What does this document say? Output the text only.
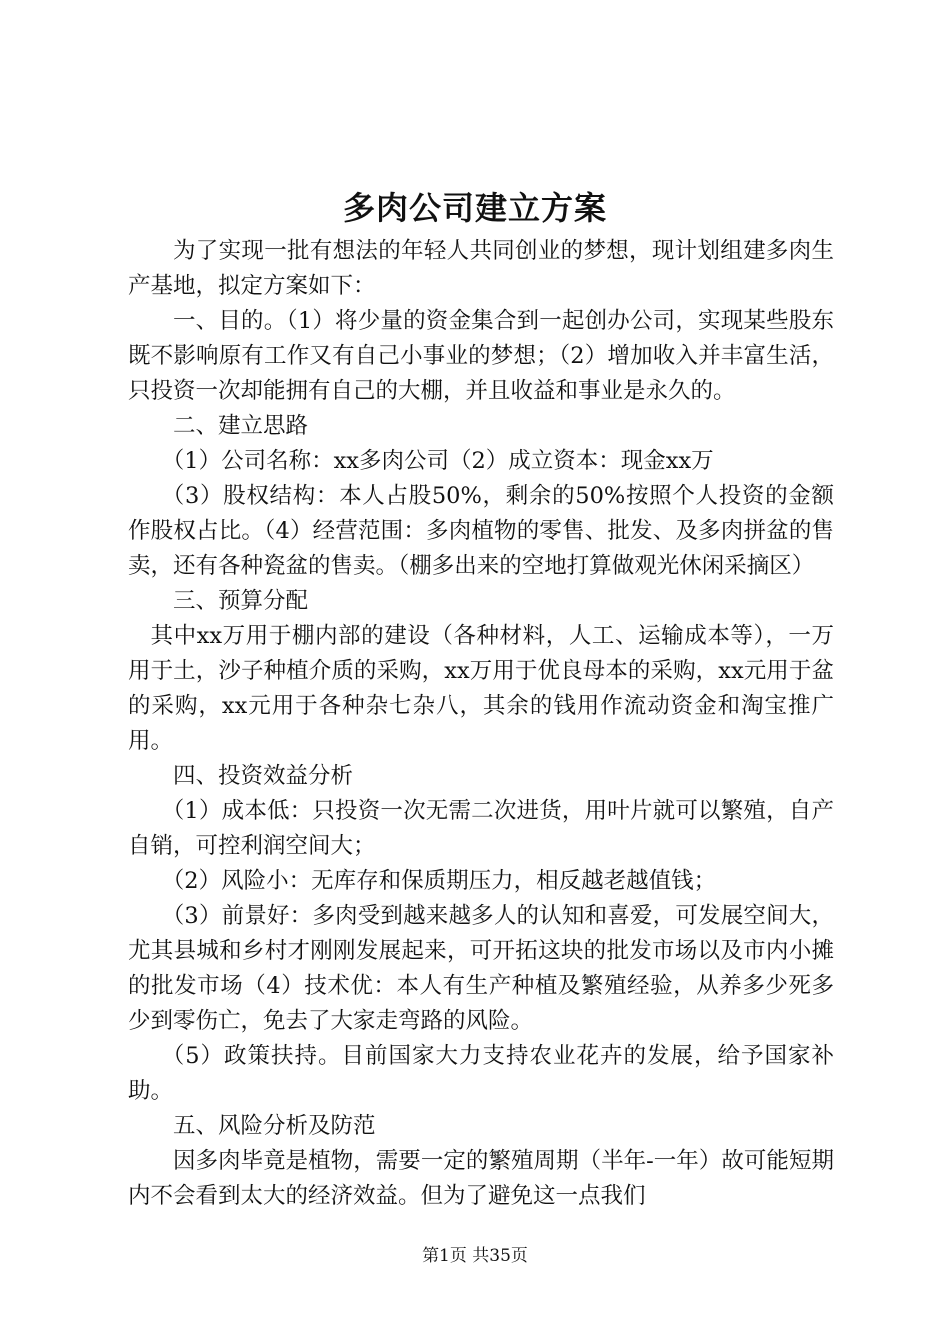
多肉公司建立方案

为了实现一批有想法的年轻人共同创业的梦想，现计划组建多肉生产基地，拟定方案如下：

一、目的。（1）将少量的资金集合到一起创办公司，实现某些股东既不影响原有工作又有自己小事业的梦想；（2）增加收入并丰富生活，只投资一次却能拥有自己的大棚，并且收益和事业是永久的。

二、建立思路

（1）公司名称：xx多肉公司（2）成立资本：现金xx万

（3）股权结构：本人占股50%，剩余的50%按照个人投资的金额作股权占比。（4）经营范围：多肉植物的零售、批发、及多肉拼盆的售卖，还有各种瓷盆的售卖。（棚多出来的空地打算做观光休闲采摘区）

三、预算分配

其中xx万用于棚内部的建设（各种材料，人工、运输成本等），一万用于土，沙子种植介质的采购，xx万用于优良母本的采购，xx元用于盆的采购，xx元用于各种杂七杂八，其余的钱用作流动资金和淘宝推广用。

四、投资效益分析

（1）成本低：只投资一次无需二次进货，用叶片就可以繁殖，自产自销，可控利润空间大；

（2）风险小：无库存和保质期压力，相反越老越值钱；

（3）前景好：多肉受到越来越多人的认知和喜爱，可发展空间大，尤其县城和乡村才刚刚发展起来，可开拓这块的批发市场以及市内小摊的批发市场（4）技术优：本人有生产种植及繁殖经验，从养多少死多少到零伤亡，免去了大家走弯路的风险。

（5）政策扶持。目前国家大力支持农业花卉的发展，给予国家补助。

五、风险分析及防范

因多肉毕竟是植物，需要一定的繁殖周期（半年-一年）故可能短期内不会看到太大的经济效益。但为了避免这一点我们

第1页 共35页
